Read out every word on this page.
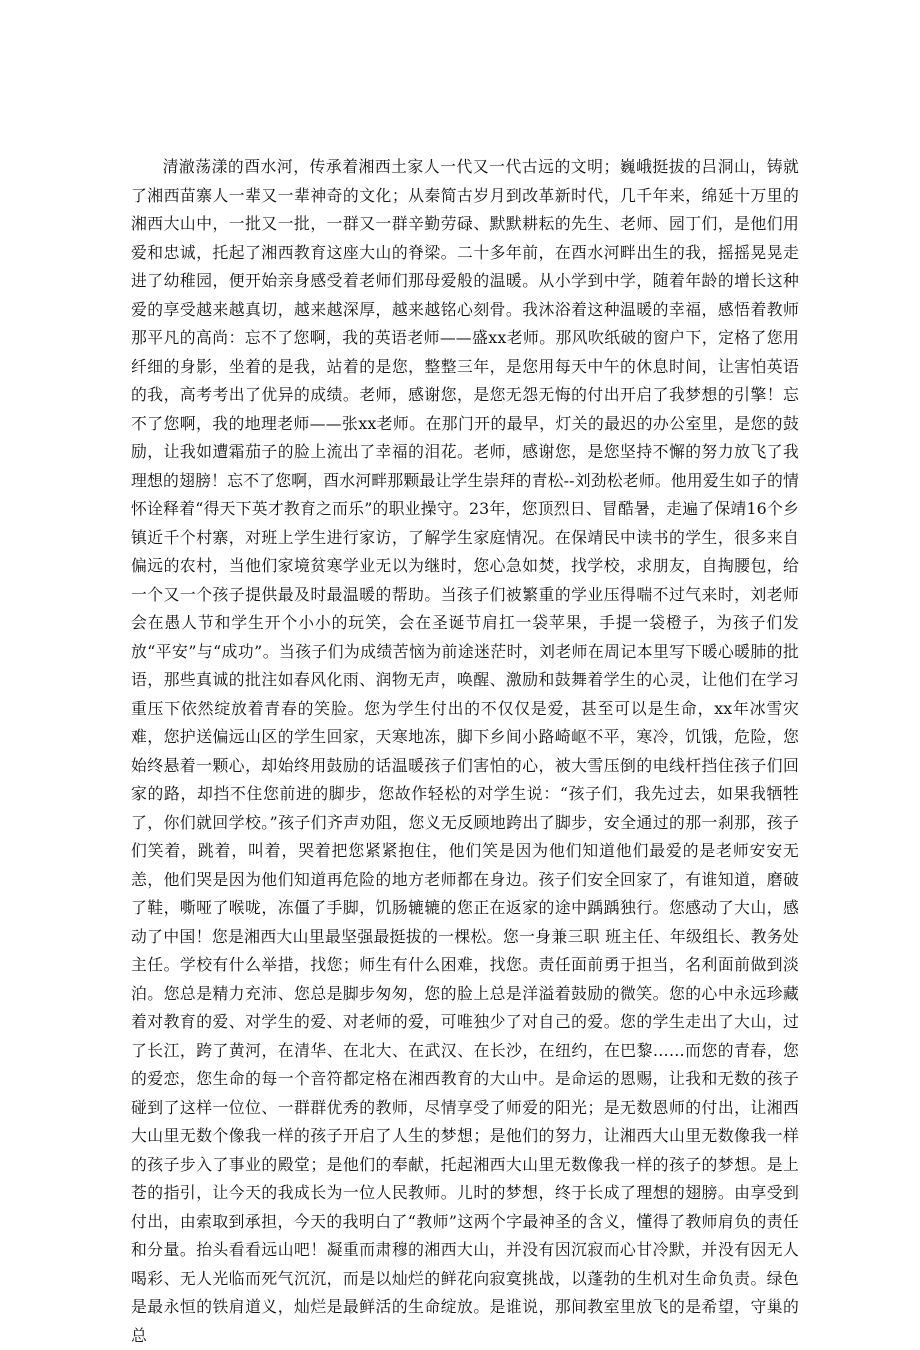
清澈荡漾的酉水河，传承着湘西土家人一代又一代古远的文明；巍峨挺拔的吕洞山，铸就了湘西苗寨人一辈又一辈神奇的文化；从秦简古岁月到改革新时代，几千年来，绵延十万里的湘西大山中，一批又一批，一群又一群辛勤劳碌、默默耕耘的先生、老师、园丁们，是他们用爱和忠诚，托起了湘西教育这座大山的脊梁。二十多年前，在酉水河畔出生的我，摇摇晃晃走进了幼稚园，便开始亲身感受着老师们那母爱般的温暖。从小学到中学，随着年龄的增长这种爱的享受越来越真切，越来越深厚，越来越铭心刻骨。我沐浴着这种温暖的幸福，感悟着教师那平凡的高尚：忘不了您啊，我的英语老师——盛xx老师。那风吹纸破的窗户下，定格了您用纤细的身影，坐着的是我，站着的是您，整整三年，是您用每天中午的休息时间，让害怕英语的我，高考考出了优异的成绩。老师，感谢您，是您无怨无悔的付出开启了我梦想的引擎！忘不了您啊，我的地理老师——张xx老师。在那门开的最早，灯关的最迟的办公室里，是您的鼓励，让我如遭霜茄子的脸上流出了幸福的泪花。老师，感谢您，是您坚持不懈的努力放飞了我理想的翅膀！忘不了您啊，酉水河畔那颗最让学生崇拜的青松--刘劲松老师。他用爱生如子的情怀诠释着“得天下英才教育之而乐”的职业操守。23年，您顶烈日、冒酷暑，走遍了保靖16个乡镇近千个村寨，对班上学生进行家访，了解学生家庭情况。在保靖民中读书的学生，很多来自偏远的农村，当他们家境贫寒学业无以为继时，您心急如焚，找学校，求朋友，自掏腰包，给一个又一个孩子提供最及时最温暖的帮助。当孩子们被繁重的学业压得喘不过气来时，刘老师会在愚人节和学生开个小小的玩笑，会在圣诞节肩扛一袋苹果，手提一袋橙子，为孩子们发放“平安”与“成功”。当孩子们为成绩苦恼为前途迷茫时，刘老师在周记本里写下暖心暖肺的批语，那些真诚的批注如春风化雨、润物无声，唤醒、激励和鼓舞着学生的心灵，让他们在学习重压下依然绽放着青春的笑脸。您为学生付出的不仅仅是爱，甚至可以是生命，xx年冰雪灾难，您护送偏远山区的学生回家，天寒地冻，脚下乡间小路崎岖不平，寒冷，饥饿，危险，您始终悬着一颗心，却始终用鼓励的话温暖孩子们害怕的心，被大雪压倒的电线杆挡住孩子们回家的路，却挡不住您前进的脚步，您故作轻松的对学生说：“孩子们，我先过去，如果我牺牲了，你们就回学校。”孩子们齐声劝阻，您义无反顾地跨出了脚步，安全通过的那一刹那，孩子们笑着，跳着，叫着，哭着把您紧紧抱住，他们笑是因为他们知道他们最爱的是老师安安无恙，他们哭是因为他们知道再危险的地方老师都在身边。孩子们安全回家了，有谁知道，磨破了鞋，嘶哑了喉咙，冻僵了手脚，饥肠辘辘的您正在返家的途中踽踽独行。您感动了大山，感动了中国！您是湘西大山里最坚强最挺拔的一棵松。您一身兼三职 班主任、年级组长、教务处主任。学校有什么举措，找您；师生有什么困难，找您。责任面前勇于担当，名利面前做到淡泊。您总是精力充沛、您总是脚步匆匆，您的脸上总是洋溢着鼓励的微笑。您的心中永远珍藏着对教育的爱、对学生的爱、对老师的爱，可唯独少了对自己的爱。您的学生走出了大山，过了长江，跨了黄河，在清华、在北大、在武汉、在长沙，在纽约，在巴黎……而您的青春，您的爱恋，您生命的每一个音符都定格在湘西教育的大山中。是命运的恩赐，让我和无数的孩子碰到了这样一位位、一群群优秀的教师，尽情享受了师爱的阳光；是无数恩师的付出，让湘西大山里无数个像我一样的孩子开启了人生的梦想；是他们的努力，让湘西大山里无数像我一样的孩子步入了事业的殿堂；是他们的奉献，托起湘西大山里无数像我一样的孩子的梦想。是上苍的指引，让今天的我成长为一位人民教师。儿时的梦想，终于长成了理想的翅膀。由享受到付出，由索取到承担，今天的我明白了“教师”这两个字最神圣的含义，懂得了教师肩负的责任和分量。抬头看看远山吧！凝重而肃穆的湘西大山，并没有因沉寂而心甘冷默，并没有因无人喝彩、无人光临而死气沉沉，而是以灿烂的鲜花向寂寞挑战，以蓬勃的生机对生命负责。绿色是最永恒的铁肩道义，灿烂是最鲜活的生命绽放。是谁说，那间教室里放飞的是希望，守巢的总
